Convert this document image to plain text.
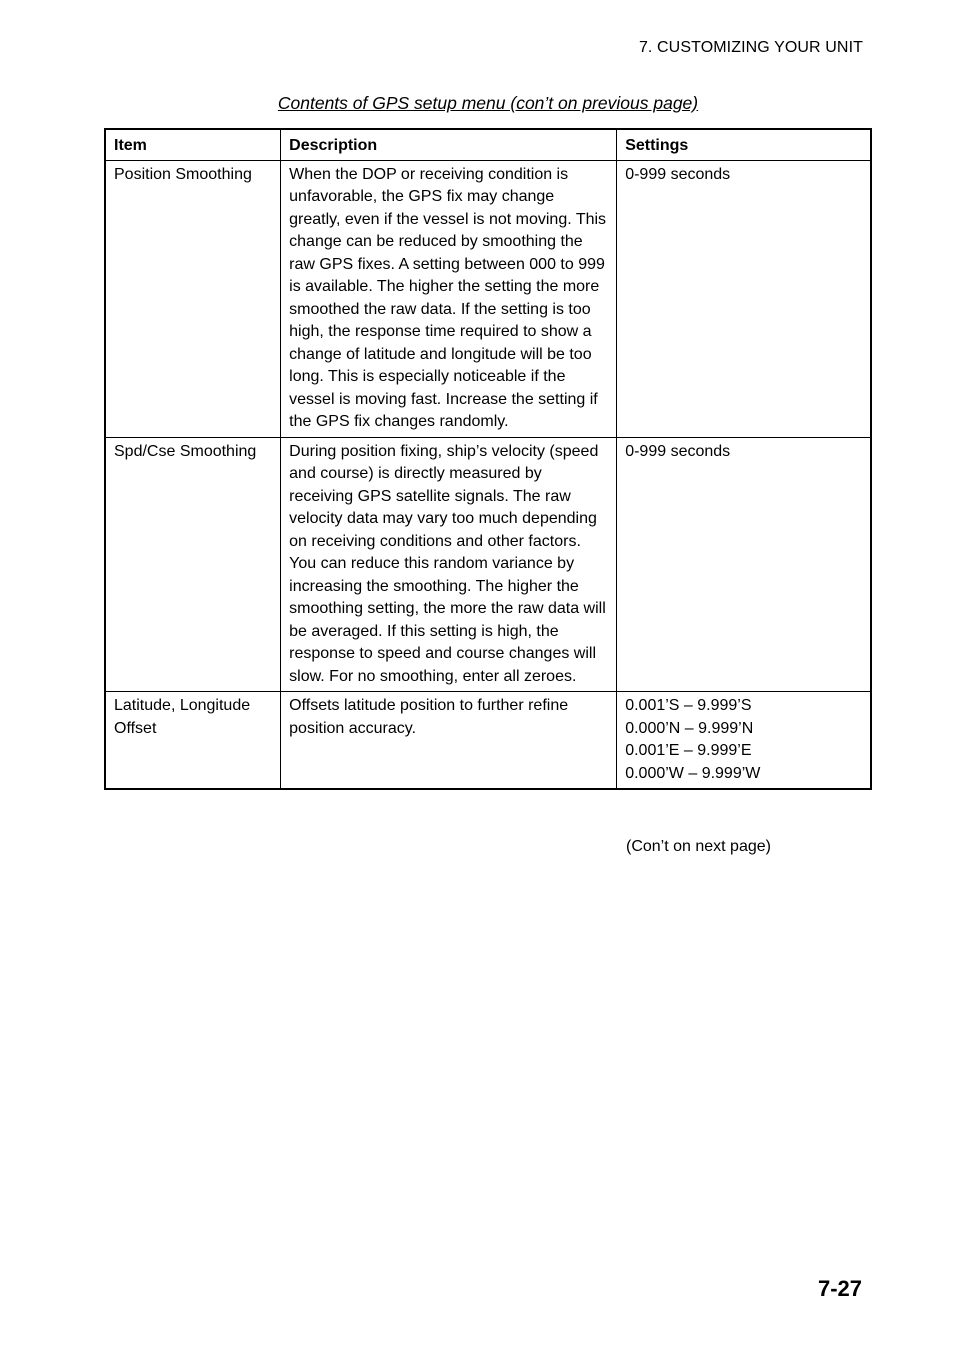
7. CUSTOMIZING YOUR UNIT
Contents of GPS setup menu (con’t on previous page)
Item	Description	Settings
Position Smoothing	When the DOP or receiving condition is unfavorable, the GPS fix may change greatly, even if the vessel is not moving. This change can be reduced by smoothing the raw GPS fixes. A setting between 000 to 999 is available. The higher the setting the more smoothed the raw data. If the setting is too high, the response time required to show a change of latitude and longitude will be too long. This is especially noticeable if the vessel is moving fast. Increase the setting if the GPS fix changes randomly.	0-999 seconds

Spd/Cse Smoothing	During position fixing, ship’s velocity (speed and course) is directly measured by receiving GPS satellite signals. The raw velocity data may vary too much depending on receiving conditions and other factors. You can reduce this random variance by increasing the smoothing. The higher the smoothing setting, the more the raw data will be averaged. If this setting is high, the response to speed and course changes will slow. For no smoothing, enter all zeroes.	0-999 seconds

Latitude, Longitude Offset	Offsets latitude position to further refine position accuracy.	0.001’S – 9.999’S
0.000’N – 9.999’N
0.001’E – 9.999’E
0.000’W – 9.999’W
(Con’t on next page)
7-27
